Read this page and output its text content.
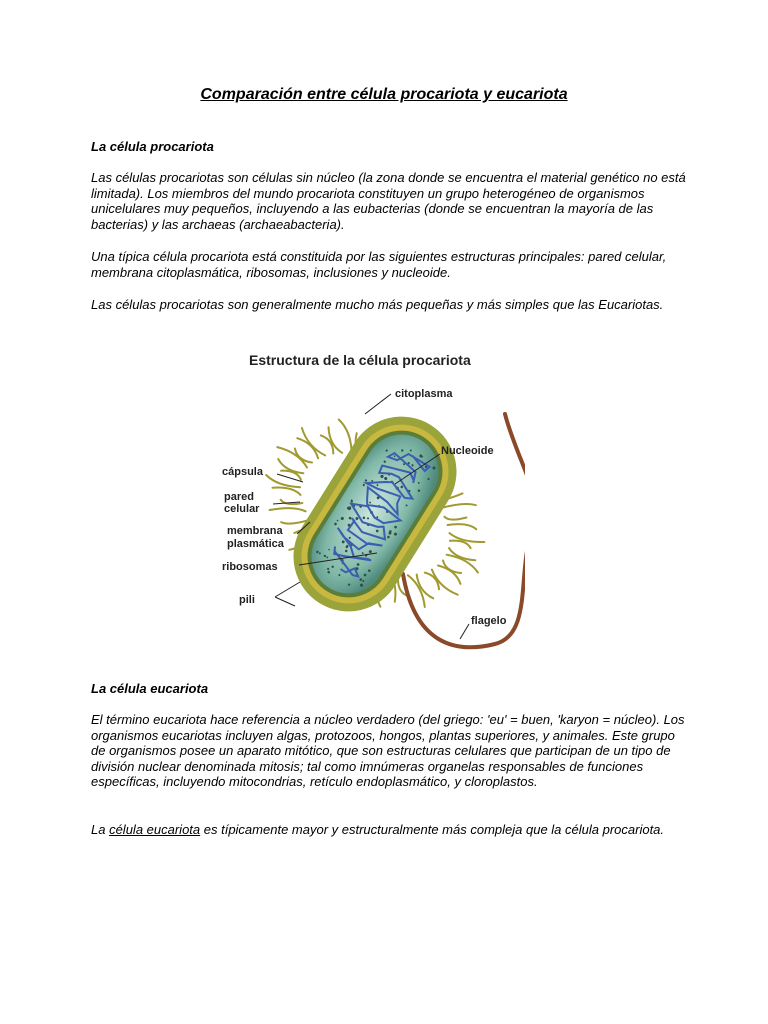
Comparación entre célula procariota y eucariota
La célula procariota

Las células procariotas son células sin núcleo (la zona donde se encuentra el material genético no está limitada). Los miembros del mundo procariota constituyen un grupo heterogéneo de organismos unicelulares muy pequeños, incluyendo a las eubacterias (donde se encuentran la mayoría de las bacterias) y las archaeas (archaeabacteria).

Una típica célula procariota está constituida por las siguientes estructuras principales: pared celular, membrana citoplasmática, ribosomas, inclusiones y nucleoide.

Las células procariotas son generalmente mucho más pequeñas y más simples que las Eucariotas.

Estructura de la célula procariota
citoplasma
Nucleoide
cápsula
pared
celular
membrana
plasmática
ribosomas
pili
flagelo
La célula eucariota

El término eucariota hace referencia a núcleo verdadero (del griego: 'eu' = buen, 'karyon = núcleo). Los organismos eucariotas incluyen algas, protozoos, hongos, plantas superiores, y animales. Este grupo de organismos posee un aparato mitótico, que son estructuras celulares que participan de un tipo de división nuclear denominada mitosis; tal como imnúmeras organelas responsables de funciones específicas, incluyendo mitocondrias, retículo endoplasmático, y cloroplastos.

La célula eucariota es típicamente mayor y estructuralmente más compleja que la célula procariota.
